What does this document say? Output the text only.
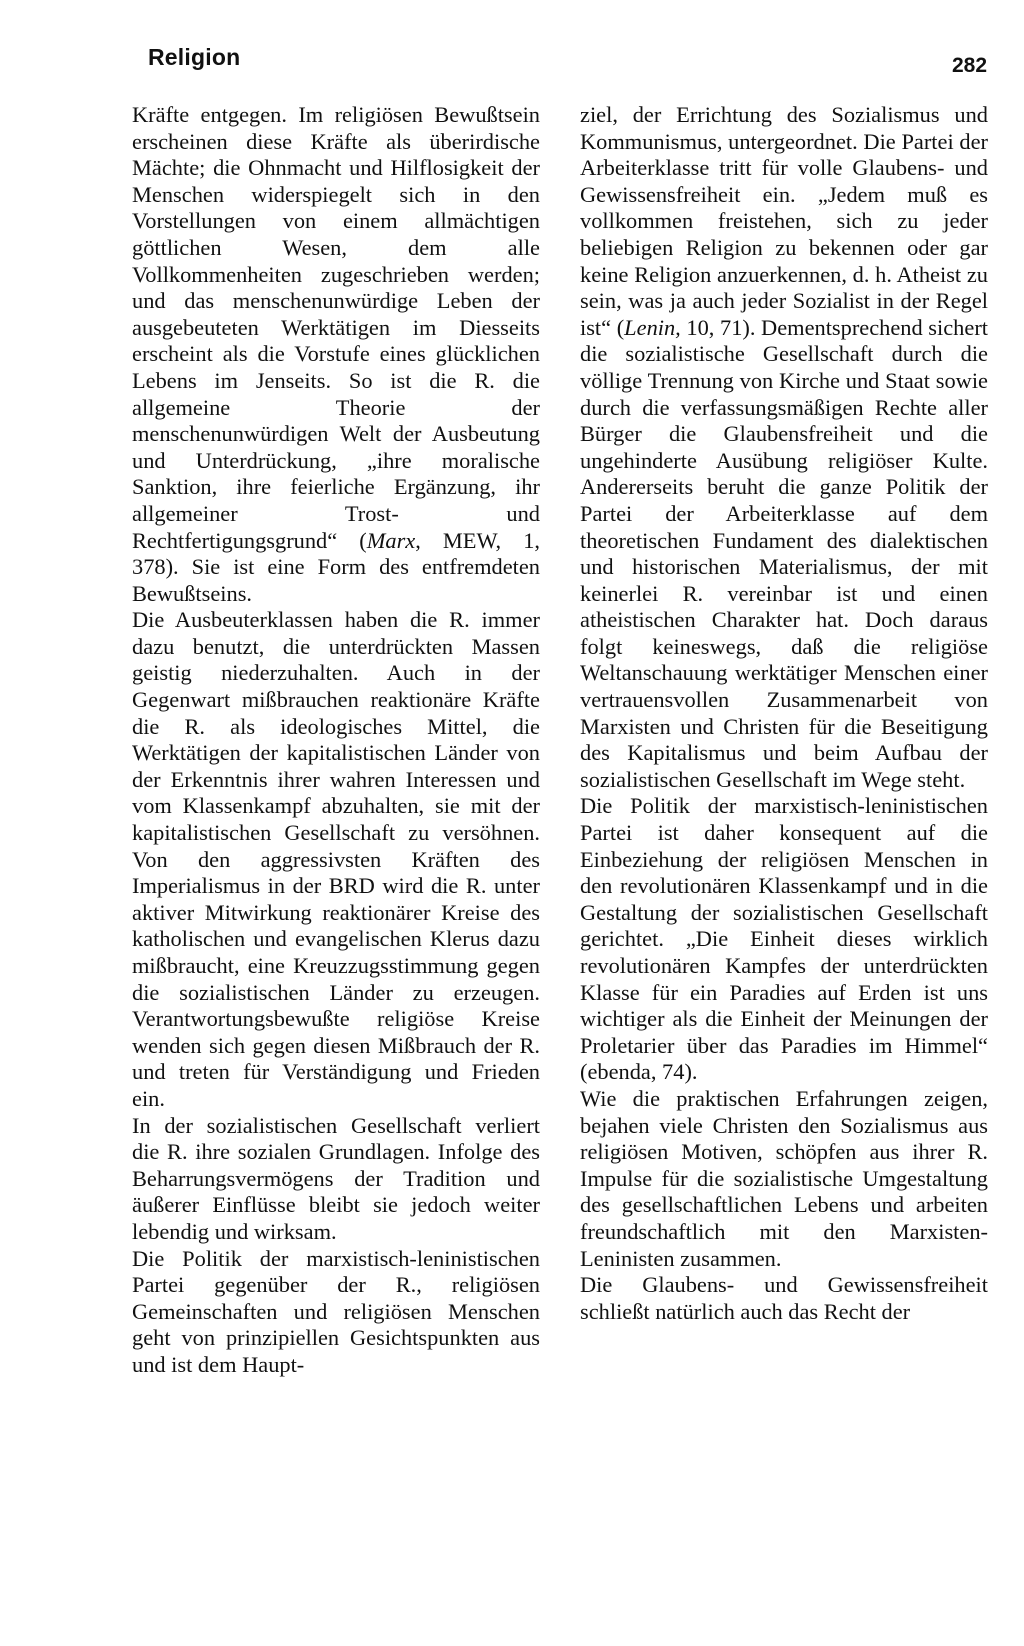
Religion	282

Kräfte entgegen. Im religiösen Bewußtsein erscheinen diese Kräfte als überirdische Mächte; die Ohnmacht und Hilflosigkeit der Menschen widerspiegelt sich in den Vorstellungen von einem allmächtigen göttlichen Wesen, dem alle Vollkommenheiten zugeschrieben werden; und das menschenunwürdige Leben der ausgebeuteten Werktätigen im Diesseits erscheint als die Vorstufe eines glücklichen Lebens im Jenseits. So ist die R. die allgemeine Theorie der menschenunwürdigen Welt der Ausbeutung und Unterdrückung, „ihre moralische Sanktion, ihre feierliche Ergänzung, ihr allgemeiner Trost- und Rechtfertigungsgrund“ (Marx, MEW, 1, 378). Sie ist eine Form des entfremdeten Bewußtseins.

Die Ausbeuterklassen haben die R. immer dazu benutzt, die unterdrückten Massen geistig niederzuhalten. Auch in der Gegenwart mißbrauchen reaktionäre Kräfte die R. als ideologisches Mittel, die Werktätigen der kapitalistischen Länder von der Erkenntnis ihrer wahren Interessen und vom Klassenkampf abzuhalten, sie mit der kapitalistischen Gesellschaft zu versöhnen. Von den aggressivsten Kräften des Imperialismus in der BRD wird die R. unter aktiver Mitwirkung reaktionärer Kreise des katholischen und evangelischen Klerus dazu mißbraucht, eine Kreuzzugsstimmung gegen die sozialistischen Länder zu erzeugen. Verantwortungsbewußte religiöse Kreise wenden sich gegen diesen Mißbrauch der R. und treten für Verständigung und Frieden ein.

In der sozialistischen Gesellschaft verliert die R. ihre sozialen Grundlagen. Infolge des Beharrungsvermögens der Tradition und äußerer Einflüsse bleibt sie jedoch weiter lebendig und wirksam.

Die Politik der marxistisch-leninistischen Partei gegenüber der R., religiösen Gemeinschaften und religiösen Menschen geht von prinzipiellen Gesichtspunkten aus und ist dem Haupt-

ziel, der Errichtung des Sozialismus und Kommunismus, untergeordnet. Die Partei der Arbeiterklasse tritt für volle Glaubens- und Gewissensfreiheit ein. „Jedem muß es vollkommen freistehen, sich zu jeder beliebigen Religion zu bekennen oder gar keine Religion anzuerkennen, d. h. Atheist zu sein, was ja auch jeder Sozialist in der Regel ist“ (Lenin, 10, 71). Dementsprechend sichert die sozialistische Gesellschaft durch die völlige Trennung von Kirche und Staat sowie durch die verfassungsmäßigen Rechte aller Bürger die Glaubensfreiheit und die ungehinderte Ausübung religiöser Kulte. Andererseits beruht die ganze Politik der Partei der Arbeiterklasse auf dem theoretischen Fundament des dialektischen und historischen Materialismus, der mit keinerlei R. vereinbar ist und einen atheistischen Charakter hat. Doch daraus folgt keineswegs, daß die religiöse Weltanschauung werktätiger Menschen einer vertrauensvollen Zusammenarbeit von Marxisten und Christen für die Beseitigung des Kapitalismus und beim Aufbau der sozialistischen Gesellschaft im Wege steht.

Die Politik der marxistisch-leninistischen Partei ist daher konsequent auf die Einbeziehung der religiösen Menschen in den revolutionären Klassenkampf und in die Gestaltung der sozialistischen Gesellschaft gerichtet. „Die Einheit dieses wirklich revolutionären Kampfes der unterdrückten Klasse für ein Paradies auf Erden ist uns wichtiger als die Einheit der Meinungen der Proletarier über das Paradies im Himmel“ (ebenda, 74).

Wie die praktischen Erfahrungen zeigen, bejahen viele Christen den Sozialismus aus religiösen Motiven, schöpfen aus ihrer R. Impulse für die sozialistische Umgestaltung des gesellschaftlichen Lebens und arbeiten freundschaftlich mit den Marxisten-Leninisten zusammen.

Die Glaubens- und Gewissensfreiheit schließt natürlich auch das Recht der
